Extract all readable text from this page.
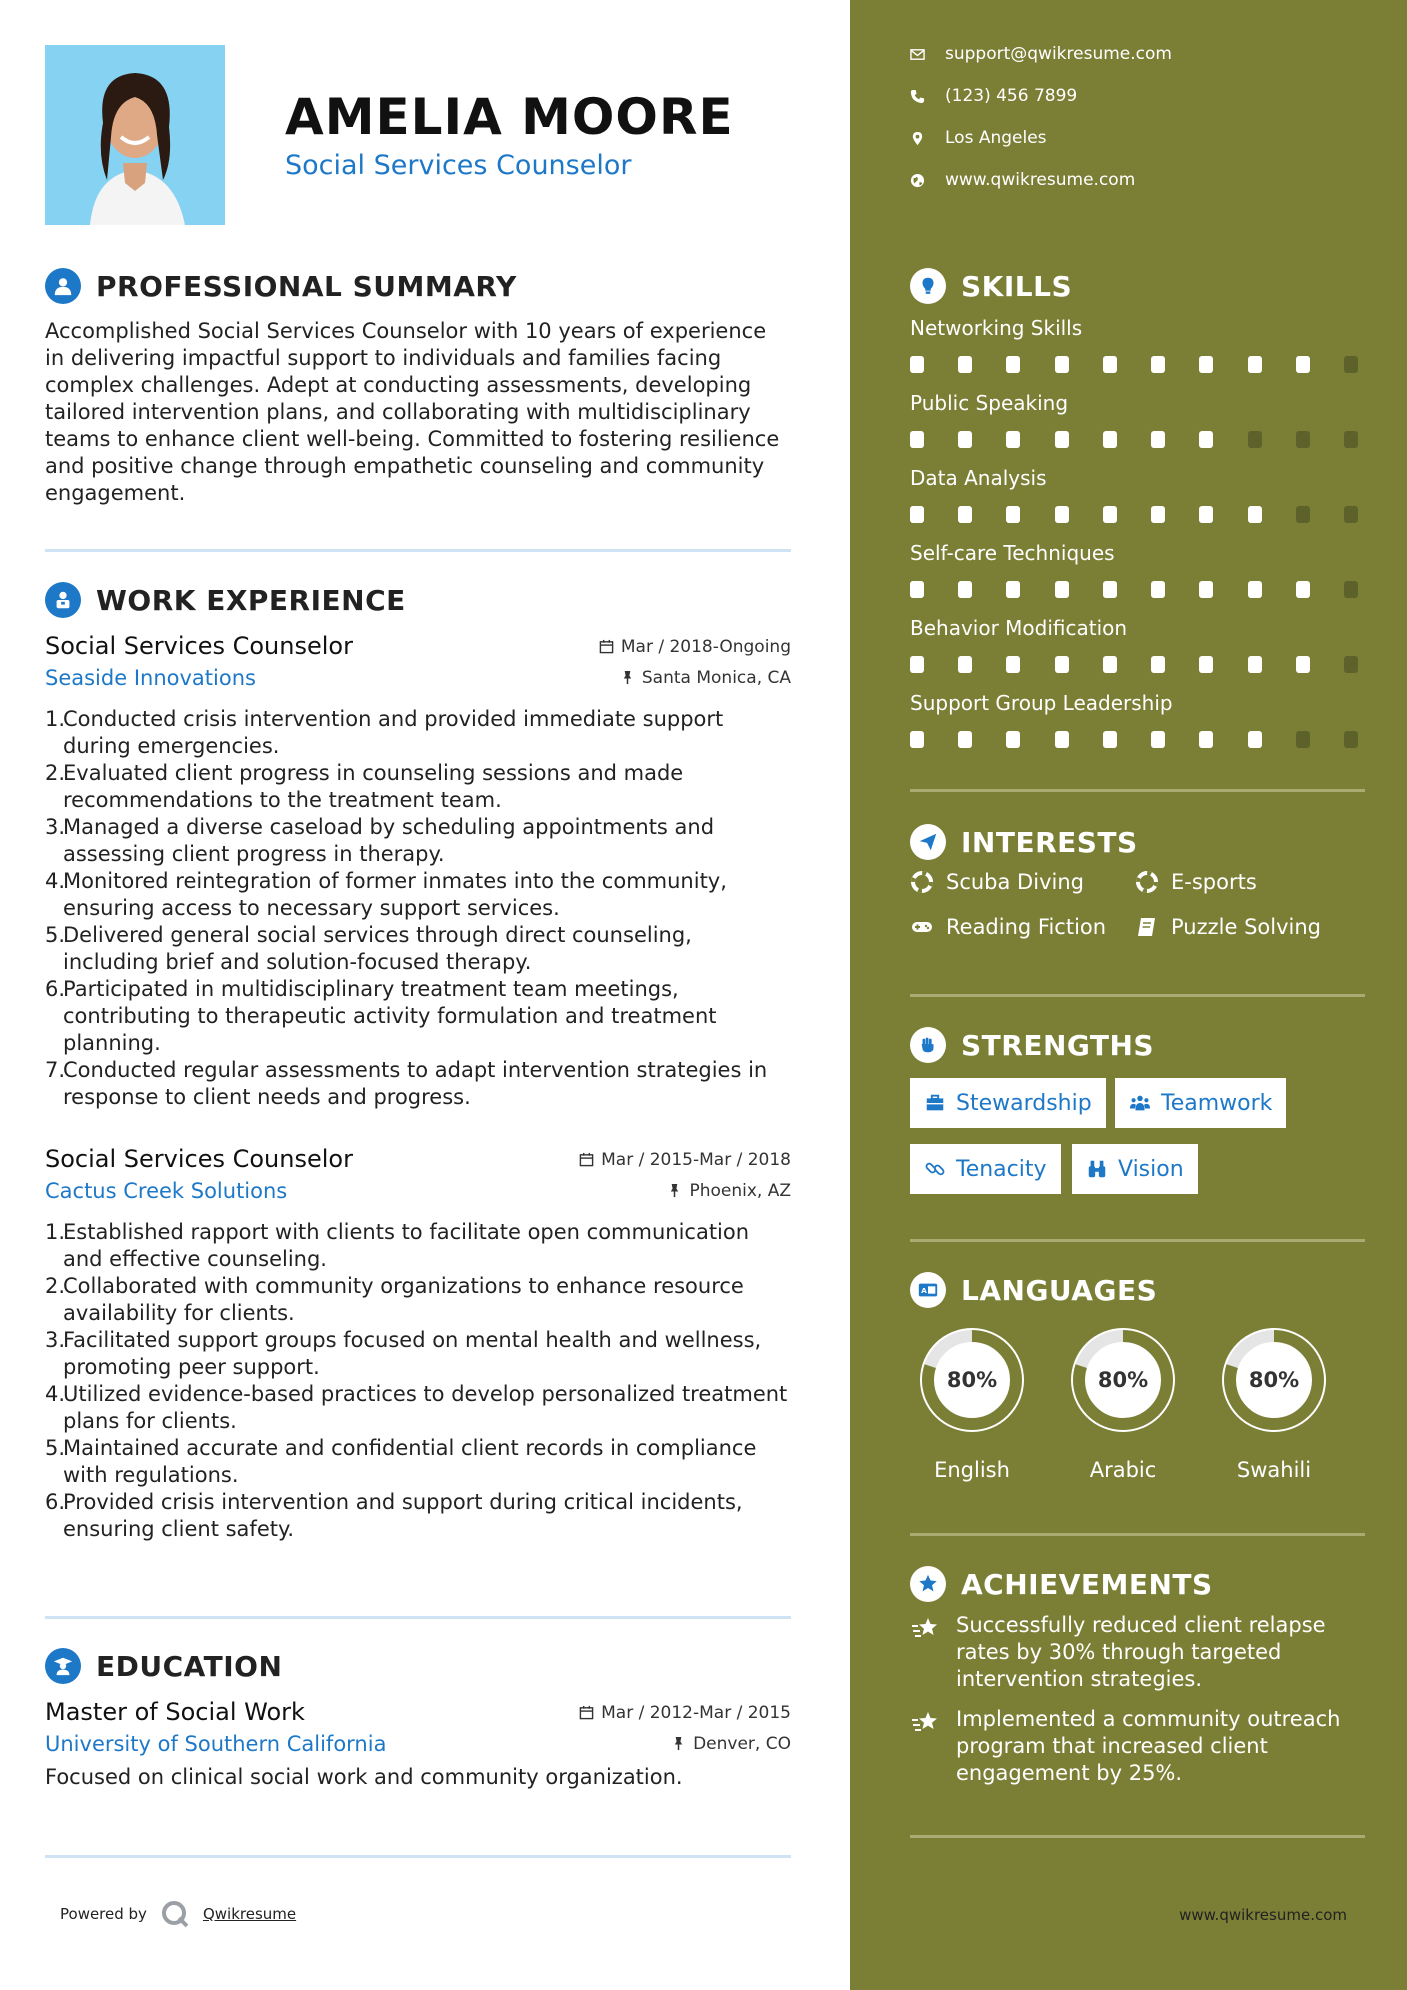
AMELIA MOORE
Social Services Counselor
PROFESSIONAL SUMMARY
Accomplished Social Services Counselor with 10 years of experience in delivering impactful support to individuals and families facing complex challenges. Adept at conducting assessments, developing tailored intervention plans, and collaborating with multidisciplinary teams to enhance client well-being. Committed to fostering resilience and positive change through empathetic counseling and community engagement.
WORK EXPERIENCE
Social Services Counselor	Mar / 2018-Ongoing
Seaside Innovations	Santa Monica, CA
1.
Conducted crisis intervention and provided immediate support during emergencies.
2.
Evaluated client progress in counseling sessions and made recommendations to the treatment team.
3.
Managed a diverse caseload by scheduling appointments and assessing client progress in therapy.
4.
Monitored reintegration of former inmates into the community, ensuring access to necessary support services.
5.
Delivered general social services through direct counseling, including brief and solution-focused therapy.
6.
Participated in multidisciplinary treatment team meetings, contributing to therapeutic activity formulation and treatment planning.
7.
Conducted regular assessments to adapt intervention strategies in response to client needs and progress.
Social Services Counselor	Mar / 2015-Mar / 2018
Cactus Creek Solutions	Phoenix, AZ
1.
Established rapport with clients to facilitate open communication and effective counseling.
2.
Collaborated with community organizations to enhance resource availability for clients.
3.
Facilitated support groups focused on mental health and wellness, promoting peer support.
4.
Utilized evidence-based practices to develop personalized treatment plans for clients.
5.
Maintained accurate and confidential client records in compliance with regulations.
6.
Provided crisis intervention and support during critical incidents, ensuring client safety.
EDUCATION
Master of Social Work	Mar / 2012-Mar / 2015
University of Southern California	Denver, CO
Focused on clinical social work and community organization.
Powered by	Qwikresume
support@qwikresume.com
(123) 456 7899
Los Angeles
www.qwikresume.com
SKILLS
Networking Skills
Public Speaking
Data Analysis
Self-care Techniques
Behavior Modification
Support Group Leadership
INTERESTS
Scuba Diving	E-sports
Reading Fiction	Puzzle Solving
STRENGTHS
Stewardship	Teamwork
Tenacity	Vision
A LANGUAGES
80%
English
80%
Arabic
80%
Swahili
ACHIEVEMENTS
Successfully reduced client relapse rates by 30% through targeted intervention strategies.
Implemented a community outreach program that increased client engagement by 25%.
www.qwikresume.com
